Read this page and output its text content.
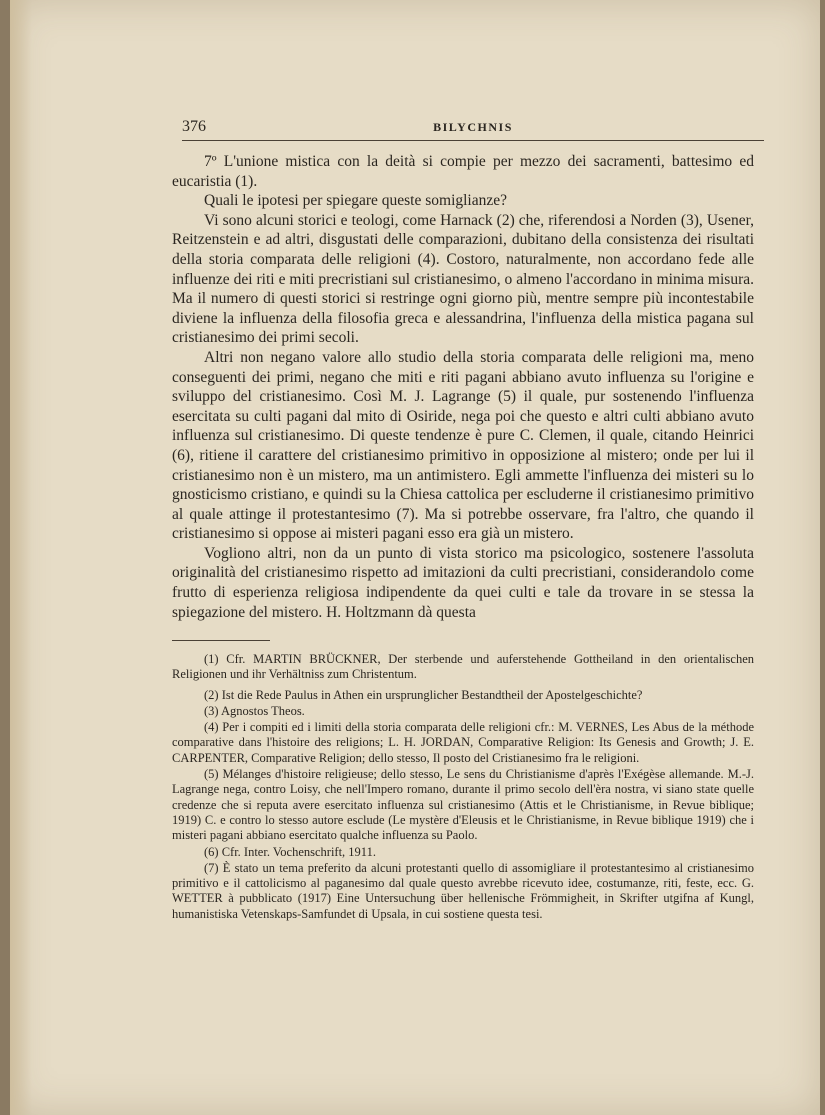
376	BILYCHNIS

7º L'unione mistica con la deità si compie per mezzo dei sacramenti, battesimo ed eucaristia (1).

Quali le ipotesi per spiegare queste somiglianze?

Vi sono alcuni storici e teologi, come Harnack (2) che, riferendosi a Norden (3), Usener, Reitzenstein e ad altri, disgustati delle comparazioni, dubitano della consistenza dei risultati della storia comparata delle religioni (4). Costoro, naturalmente, non accordano fede alle influenze dei riti e miti precristiani sul cristianesimo, o almeno l'accordano in minima misura. Ma il numero di questi storici si restringe ogni giorno più, mentre sempre più incontestabile diviene la influenza della filosofia greca e alessandrina, l'influenza della mistica pagana sul cristianesimo dei primi secoli.

Altri non negano valore allo studio della storia comparata delle religioni ma, meno conseguenti dei primi, negano che miti e riti pagani abbiano avuto influenza su l'origine e sviluppo del cristianesimo. Così M. J. Lagrange (5) il quale, pur sostenendo l'influenza esercitata su culti pagani dal mito di Osiride, nega poi che questo e altri culti abbiano avuto influenza sul cristianesimo. Di queste tendenze è pure C. Clemen, il quale, citando Heinrici (6), ritiene il carattere del cristianesimo primitivo in opposizione al mistero; onde per lui il cristianesimo non è un mistero, ma un antimistero. Egli ammette l'influenza dei misteri su lo gnosticismo cristiano, e quindi su la Chiesa cattolica per escluderne il cristianesimo primitivo al quale attinge il protestantesimo (7). Ma si potrebbe osservare, fra l'altro, che quando il cristianesimo si oppose ai misteri pagani esso era già un mistero.

Vogliono altri, non da un punto di vista storico ma psicologico, sostenere l'assoluta originalità del cristianesimo rispetto ad imitazioni da culti precristiani, considerandolo come frutto di esperienza religiosa indipendente da quei culti e tale da trovare in se stessa la spiegazione del mistero. H. Holtzmann dà questa

(1) Cfr. MARTIN BRÜCKNER, Der sterbende und auferstehende Gottheiland in den orientalischen Religionen und ihr Verhältniss zum Christentum.

(2) Ist die Rede Paulus in Athen ein ursprunglicher Bestandtheil der Apostelgeschichte?

(3) Agnostos Theos.

(4) Per i compiti ed i limiti della storia comparata delle religioni cfr.: M. VERNES, Les Abus de la méthode comparative dans l'histoire des religions; L. H. JORDAN, Comparative Religion: Its Genesis and Growth; J. E. CARPENTER, Comparative Religion; dello stesso, Il posto del Cristianesimo fra le religioni.

(5) Mélanges d'histoire religieuse; dello stesso, Le sens du Christianisme d'après l'Exégèse allemande. M.-J. Lagrange nega, contro Loisy, che nell'Impero romano, durante il primo secolo dell'èra nostra, vi siano state quelle credenze che si reputa avere esercitato influenza sul cristianesimo (Attis et le Christianisme, in Revue biblique; 1919) C. e contro lo stesso autore esclude (Le mystère d'Eleusis et le Christianisme, in Revue biblique 1919) che i misteri pagani abbiano esercitato qualche influenza su Paolo.

(6) Cfr. Inter. Vochenschrift, 1911.

(7) È stato un tema preferito da alcuni protestanti quello di assomigliare il protestantesimo al cristianesimo primitivo e il cattolicismo al paganesimo dal quale questo avrebbe ricevuto idee, costumanze, riti, feste, ecc. G. WETTER à pubblicato (1917) Eine Untersuchung über hellenische Frömmigheit, in Skrifter utgifna af Kungl, humanistiska Vetenskaps-Samfundet di Upsala, in cui sostiene questa tesi.
